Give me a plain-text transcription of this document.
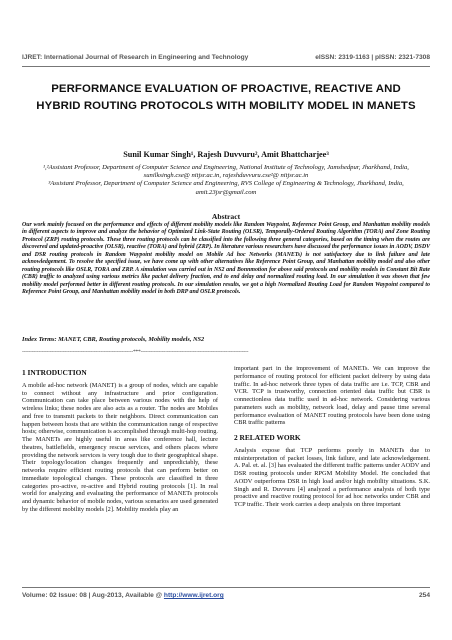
IJRET: International Journal of Research in Engineering and Technology	eISSN: 2319-1163 | pISSN: 2321-7308
PERFORMANCE EVALUATION OF PROACTIVE, REACTIVE AND HYBRID ROUTING PROTOCOLS WITH MOBILITY MODEL IN MANETS
Sunil Kumar Singh¹, Rajesh Duvvuru², Amit Bhattcharjee³
¹,²Assistant Professor, Department of Computer Science and Engineering, National Institute of Technology, Jamshedpur, Jharkhand, India, sunilksingh.cse@ nitjsr.ac.in, rajeshduvvuru.cse²@ nitjsr.ac.in
³Assistant Professor, Department of Computer Science and Engineering, RVS College of Engineering & Technology, Jharkhand, India, amit.23jsr@gmail.com
Abstract
Our work mainly focused on the performance and effects of different mobility models like Random Waypoint, Reference Point Group, and Manhattan mobility models in different aspects to improve and analyze the behavior of Optimized Link-State Routing (OLSR), Temporally-Ordered Routing Algorithm (TORA) and Zone Routing Protocol (ZRP) routing protocols. These three routing protocols can be classified into the following three general categories, based on the timing when the routes are discovered and updated-proactive (OLSR), reactive (TORA) and hybrid (ZRP). In literature various researchers have discussed the performance issues in AODV, DSDV and DSR routing protocols in Random Waypoint mobility model on Mobile Ad hoc Networks (MANETs) is not satisfactory due to link failure and late acknowledgement. To resolve the specified issue, we have come up with other alternatives like Reference Point Group, and Manhattan mobility model and also other routing protocols like OSLR, TORA and ZRP. A simulation was carried out in NS2 and Bonnmotion for above said protocols and mobility models in Constant Bit Rate (CBR) traffic to analyzed using various metrics like packet delivery fraction, end to end delay and normalized routing load. In our simulation it was shown that few mobility model performed better in different routing protocols. In our simulation results, we got a high Normalized Routing Load for Random Waypoint compared to Reference Point Group, and Manhattan mobility model in both DRP and OSLR protocols.
Index Terms: MANET, CBR, Routing protocols, Mobility models, NS2
--------------------------------------------------------------------***------------------------------------------------------------------
1 INTRODUCTION

A mobile ad-hoc network (MANET) is a group of nodes, which are capable to connect without any infrastructure and prior configuration. Communication can take place between various nodes with the help of wireless links; these nodes are also acts as a router. The nodes are Mobiles and free to transmit packets to their neighbors. Direct communication can happen between hosts that are within the communication range of respective hosts; otherwise, communication is accomplished through multi-hop routing. The MANETs are highly useful in areas like conference hall, lecture theatres, battlefields, emergency rescue services, and others places where providing the network services is very tough due to their geographical shape. Their topology/location changes frequently and unpredictably, these networks require efficient routing protocols that can perform better on immediate topological changes. These protocols are classified in three categories pro-active, re-active and Hybrid routing protocols [1]. In real world for analyzing and evaluating the performance of MANETs protocols and dynamic behavior of mobile nodes, various scenarios are used generated by the different mobility models [2]. Mobility models play an

important part in the improvement of MANETs. We can improve the performance of routing protocol for efficient packet delivery by using data traffic. In ad-hoc network three types of data traffic are i.e. TCP, CBR and VCR. TCP is trustworthy, connection oriented data traffic but CBR is connectionless data traffic used in ad-hoc network. Considering various parameters such as mobility, network load, delay and pause time several performance evaluation of MANET routing protocols have been done using CBR traffic patterns

2 RELATED WORK

Analysis expose that TCP performs poorly in MANETs due to misinterpretation of packet losses, link failure, and late acknowledgement. A. Pal. et. al. [3] has evaluated the different traffic patterns under AODV and DSR routing protocols under RPGM Mobility Model. He concluded that AODV outperforms DSR in high load and/or high mobility situations. S.K. Singh and R. Duvvuru [4] analyzed a performance analysis of both type proactive and reactive routing protocol for ad hoc networks under CBR and TCP traffic. Their work carries a deep analysis on three important

Volume: 02 Issue: 08 | Aug-2013, Available @ http://www.ijret.org	254
